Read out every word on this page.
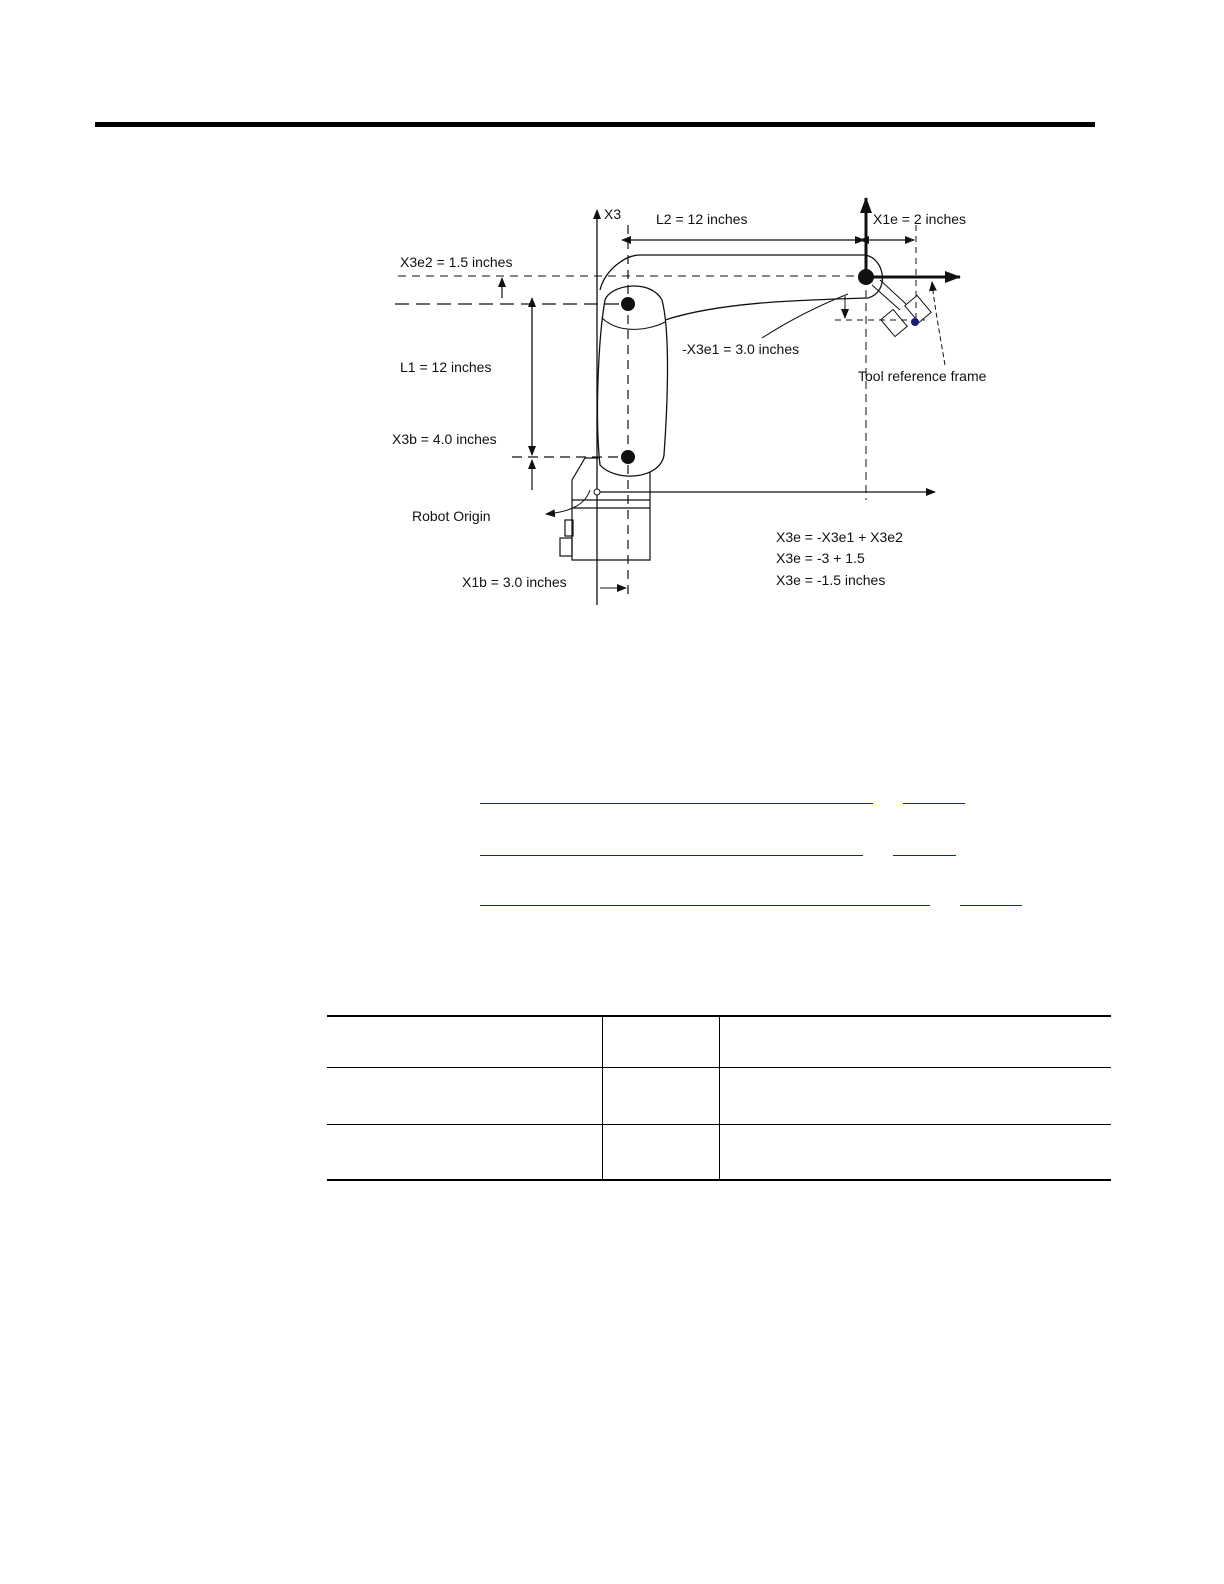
X3 L2 = 12 inches	X1e = 2 inches
X3e2 = 1.5 inches
-X3e1 = 3.0 inches
Tool reference frame
L1 = 12 inches
X3b = 4.0 inches
Robot Origin
X1b = 3.0 inches
X3e = -X3e1 + X3e2
X3e = -3 + 1.5
X3e = -1.5 inches
